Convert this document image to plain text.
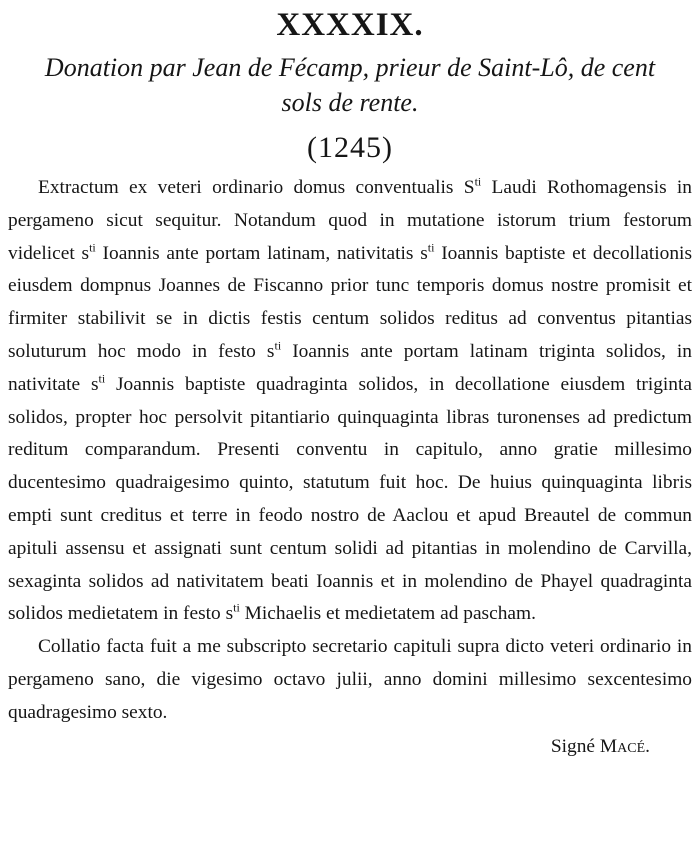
XXXXIX.
Donation par Jean de Fécamp, prieur de Saint-Lô, de cent sols de rente.
(1245)

Extractum ex veteri ordinario domus conventualis $S^{ti}$ Laudi Rothomagensis in pergameno sicut sequitur. Notandum quod in mutatione istorum trium festorum videlicet $s^{ti}$ Ioannis ante portam latinam, nativitatis $s^{ti}$ Ioannis baptiste et decollationis eiusdem dompnus Joannes de Fiscanno prior tunc temporis domus nostre promisit et firmiter stabilivit se in dictis festis centum solidos reditus ad conventus pitantias soluturum hoc modo in festo $s^{ti}$ Ioannis ante portam latinam triginta solidos, in nativitate $s^{ti}$ Joannis baptiste quadraginta solidos, in decollatione eiusdem triginta solidos, propter hoc persolvit pitantiario quinquaginta libras turonenses ad predictum reditum comparandum. Presenti conventu in capitulo, anno gratie millesimo ducentesimo quadraigesimo quinto, statutum fuit hoc. De huius quinquaginta libris empti sunt creditus et terre in feodo nostro de Aaclou et apud Breautel de commun apituli assensu et assignati sunt centum solidi ad pitantias in molendino de Carvilla, sexaginta solidos ad nativitatem beati Ioannis et in molendino de Phayel quadraginta solidos medietatem in festo $s^{ti}$ Michaelis et medietatem ad pascham.

Collatio facta fuit a me subscripto secretario capituli supra dicto veteri ordinario in pergameno sano, die vigesimo octavo julii, anno domini millesimo sexcentesimo quadragesimo sexto.

Signé Macé.
